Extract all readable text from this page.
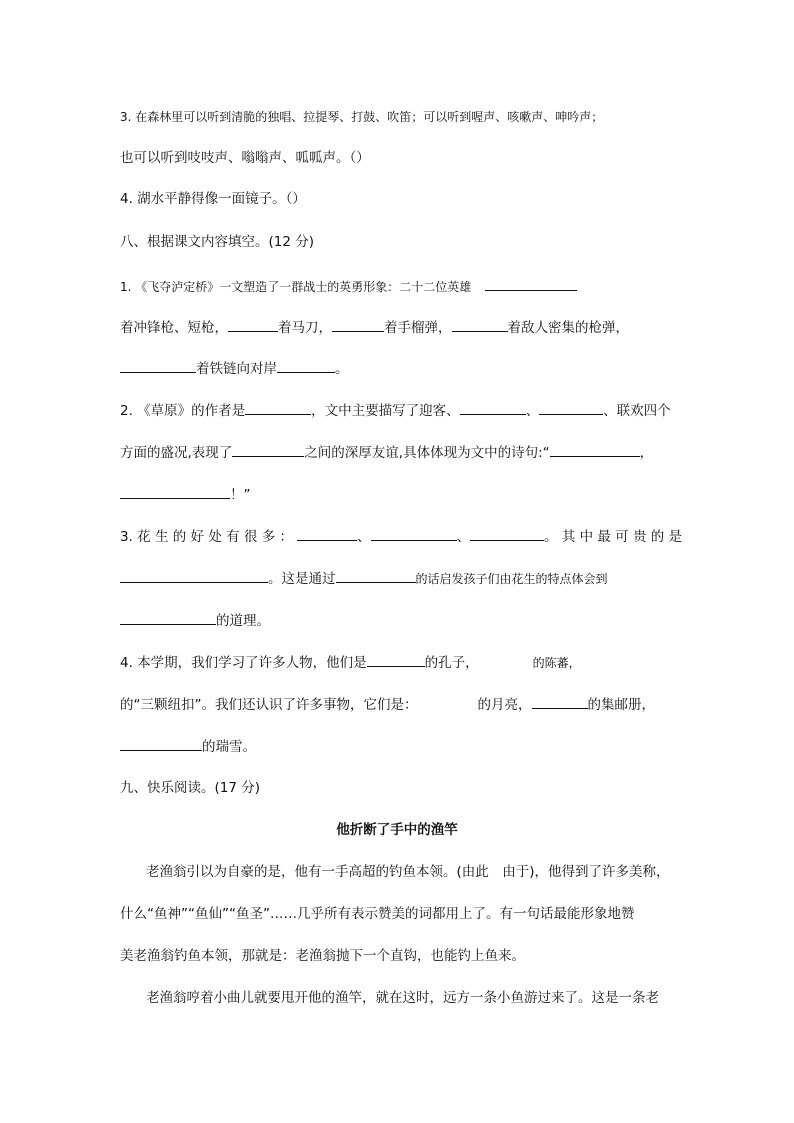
3. 在森林里可以听到清脆的独唱、拉提琴、打鼓、吹笛；可以听到喔声、咳嗽声、呻吟声；
也可以听到吱吱声、嗡嗡声、呱呱声。（）
4. 湖水平静得像一面镜子。（）
八、根据课文内容填空。(12 分)
1. 《飞夺泸定桥》一文塑造了一群战士的英勇形象：二十二位英雄
着冲锋枪、短枪，	着马刀，	着手榴弹，	着敌人密集的枪弹，
着铁链向对岸	。
2. 《草原》的作者是	，文中主要描写了迎客、	、	、联欢四个
方面的盛况,表现了	之间的深厚友谊,具体体现为文中的诗句:“	，
！”
3. 花 生 的 好 处 有 很 多 ：	、	、	。 其 中 最 可 贵 的 是
。这是通过	的话启发孩子们由花生的特点体会到
的道理。
4. 本学期，我们学习了许多人物，他们是	的孔子，	的陈蕃，
的“三颗纽扣”。我们还认识了许多事物，它们是：	的月亮，	的集邮册，
的瑞雪。
九、快乐阅读。(17 分)
他折断了手中的渔竿
老渔翁引以为自豪的是，他有一手高超的钓鱼本领。(由此　由于)，他得到了许多美称，
什么“鱼神”“鱼仙”“鱼圣”……几乎所有表示赞美的词都用上了。有一句话最能形象地赞
美老渔翁钓鱼本领，那就是：老渔翁抛下一个直钩，也能钓上鱼来。
老渔翁哼着小曲儿就要甩开他的渔竿，就在这时，远方一条小鱼游过来了。这是一条老
